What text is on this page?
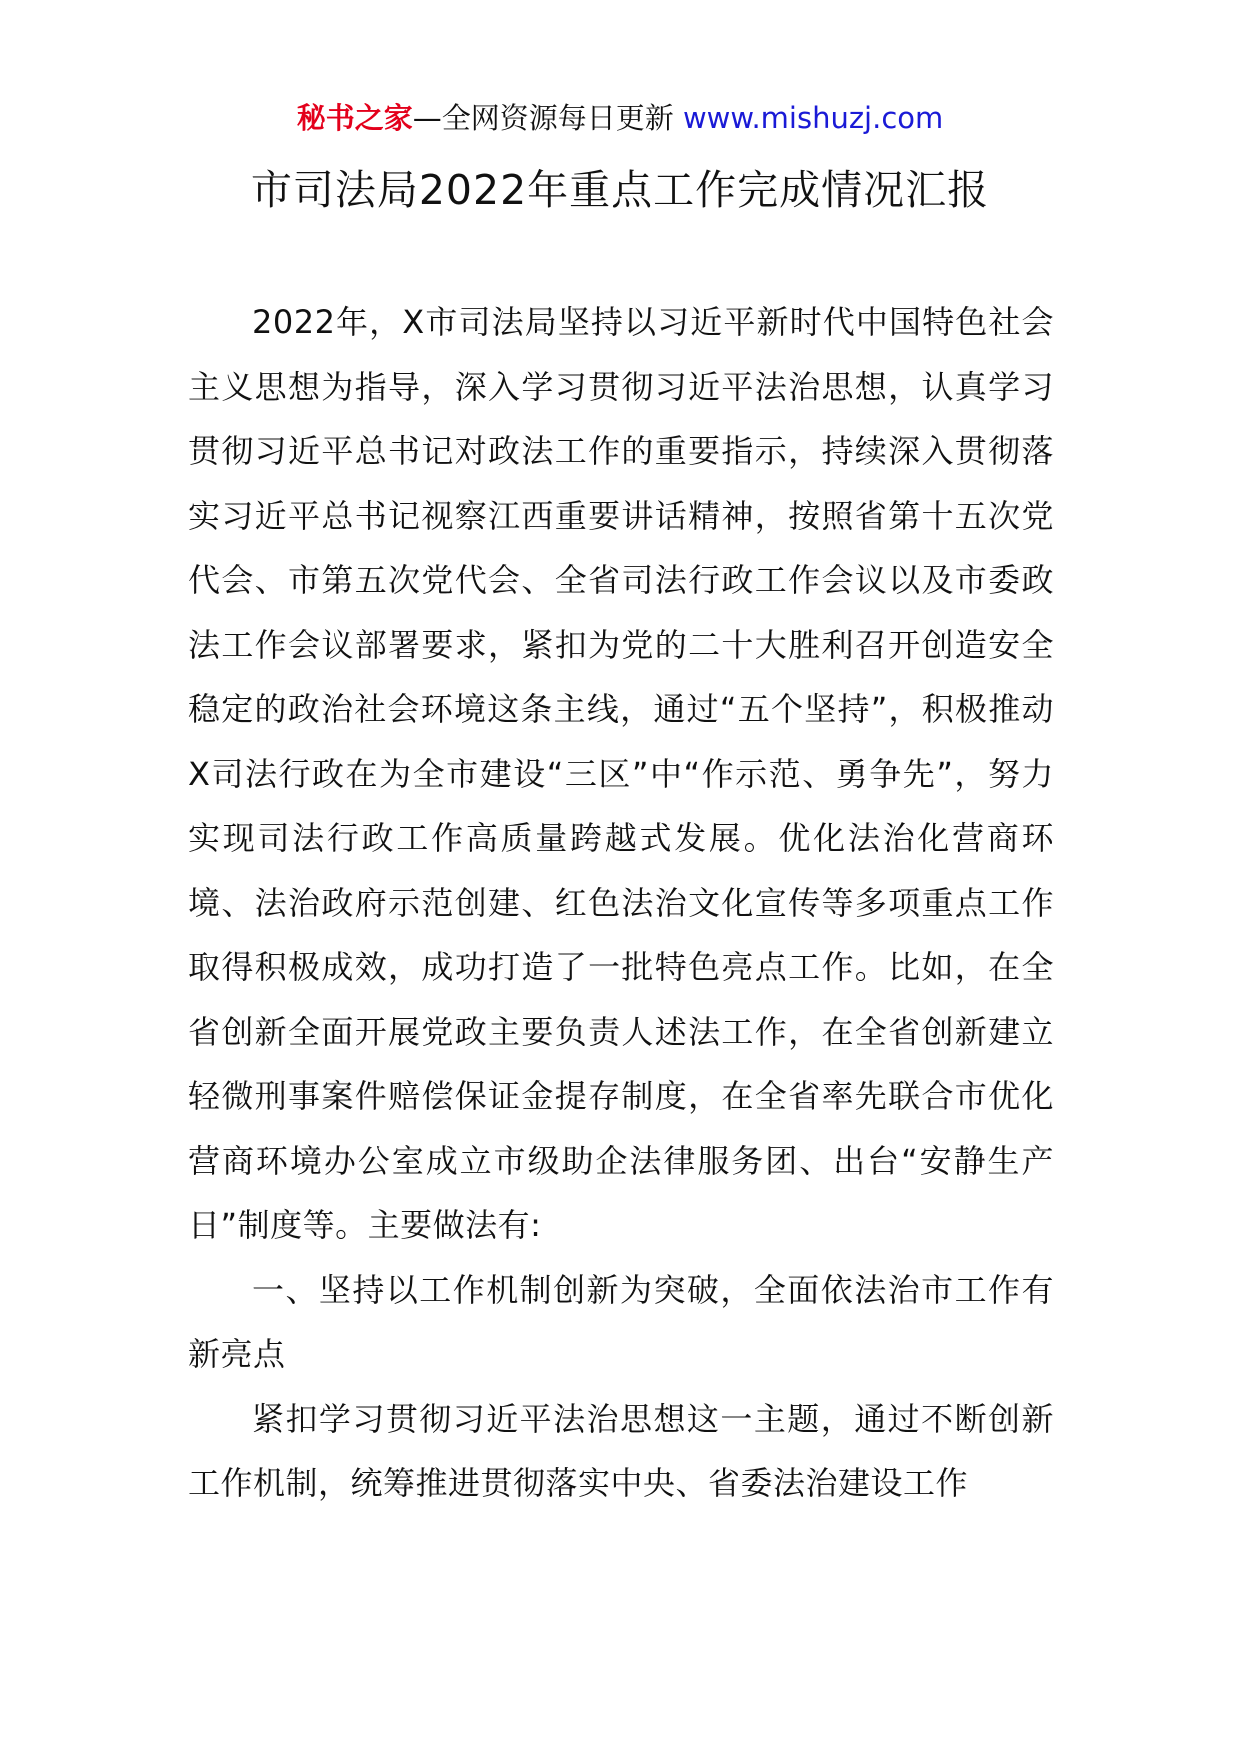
秘书之家—全网资源每日更新 www.mishuzj.com
市司法局2022年重点工作完成情况汇报

2022年，X市司法局坚持以习近平新时代中国特色社会主义思想为指导，深入学习贯彻习近平法治思想，认真学习贯彻习近平总书记对政法工作的重要指示，持续深入贯彻落实习近平总书记视察江西重要讲话精神，按照省第十五次党代会、市第五次党代会、全省司法行政工作会议以及市委政法工作会议部署要求，紧扣为党的二十大胜利召开创造安全稳定的政治社会环境这条主线，通过“五个坚持”，积极推动X司法行政在为全市建设“三区”中“作示范、勇争先”，努力实现司法行政工作高质量跨越式发展。优化法治化营商环境、法治政府示范创建、红色法治文化宣传等多项重点工作取得积极成效，成功打造了一批特色亮点工作。比如，在全省创新全面开展党政主要负责人述法工作，在全省创新建立轻微刑事案件赔偿保证金提存制度，在全省率先联合市优化营商环境办公室成立市级助企法律服务团、出台“安静生产日”制度等。主要做法有:

一、坚持以工作机制创新为突破，全面依法治市工作有新亮点

紧扣学习贯彻习近平法治思想这一主题，通过不断创新工作机制，统筹推进贯彻落实中央、省委法治建设工作
